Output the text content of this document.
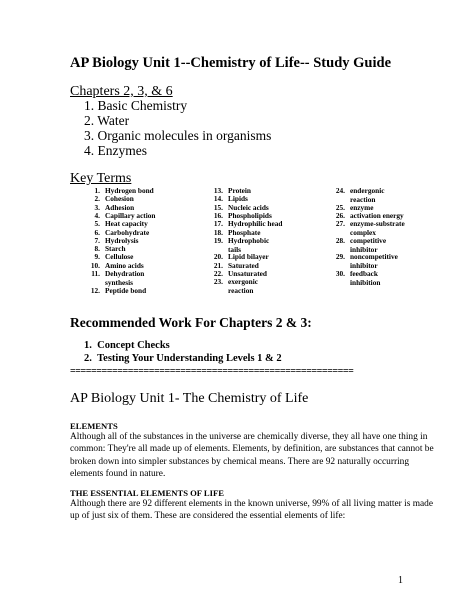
AP Biology Unit 1--Chemistry of Life-- Study Guide
Chapters 2, 3, & 6
1. Basic Chemistry
2. Water
3. Organic molecules in organisms
4. Enzymes
Key Terms
1. Hydrogen bond
2. Cohesion
3. Adhesion
4. Capillary action
5. Heat capacity
6. Carbohydrate
7. Hydrolysis
8. Starch
9. Cellulose
10. Amino acids
11. Dehydration
synthesis
12. Peptide bond
13. Protein
14. Lipids
15. Nucleic acids
16. Phospholipids
17. Hydrophilic head
18. Phosphate
19. Hydrophobic
tails
20. Lipid bilayer
21. Saturated
22. Unsaturated
23. exergonic
reaction
24. endergonic
reaction
25. enzyme
26. activation energy
27. enzyme-substrate
complex
28. competitive
inhibitor
29. noncompetitive
inhibitor
30. feedback
inhibition
Recommended Work For Chapters 2 & 3:
1. Concept Checks
2. Testing Your Understanding Levels 1 & 2
======================================================
AP Biology Unit 1- The Chemistry of Life
ELEMENTS
Although all of the substances in the universe are chemically diverse, they all have one thing in common: They're all made up of elements. Elements, by definition, are substances that cannot be broken down into simpler substances by chemical means. There are 92 naturally occurring elements found in nature.
THE ESSENTIAL ELEMENTS OF LIFE
Although there are 92 different elements in the known universe, 99% of all living matter is made up of just six of them. These are considered the essential elements of life:
1
